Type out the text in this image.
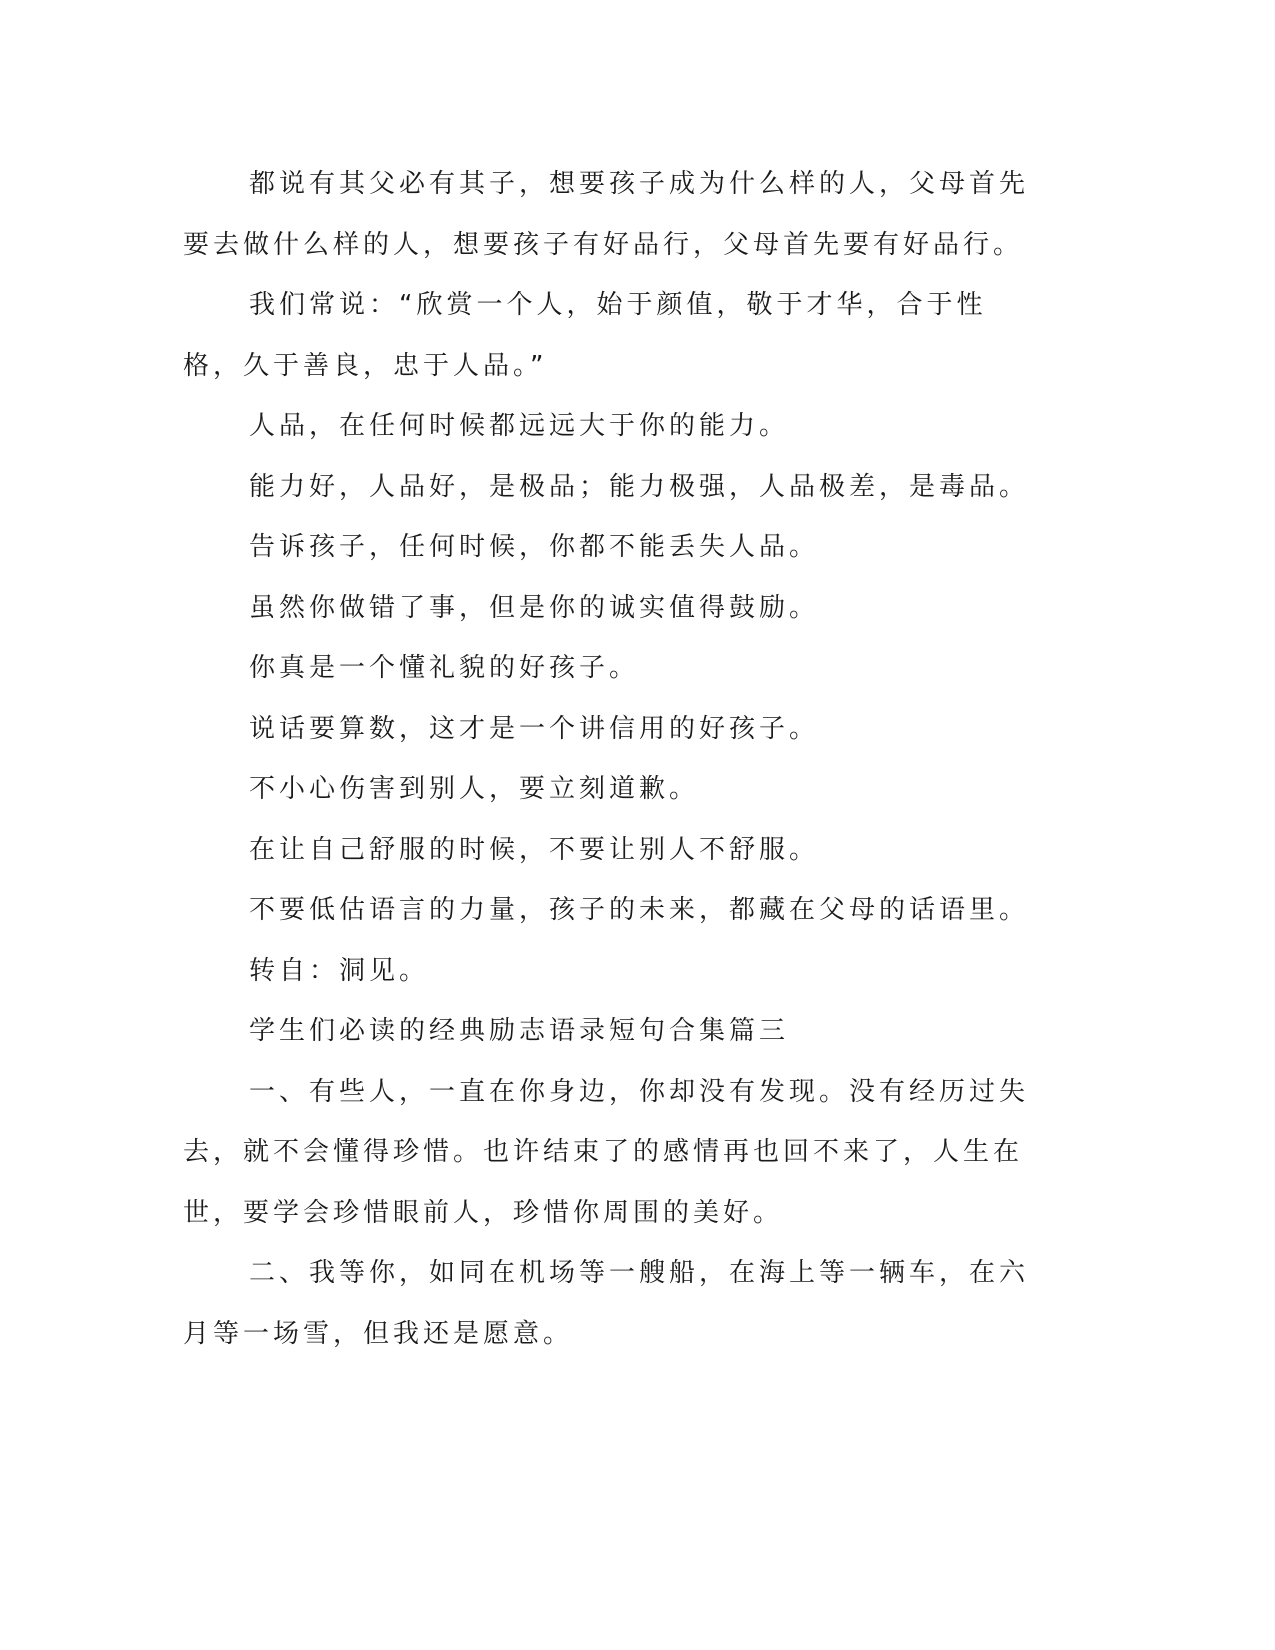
都说有其父必有其子，想要孩子成为什么样的人，父母首先要去做什么样的人，想要孩子有好品行，父母首先要有好品行。

我们常说：“欣赏一个人，始于颜值，敬于才华，合于性格，久于善良，忠于人品。”

人品，在任何时候都远远大于你的能力。

能力好，人品好，是极品；能力极强，人品极差，是毒品。

告诉孩子，任何时候，你都不能丢失人品。

虽然你做错了事，但是你的诚实值得鼓励。

你真是一个懂礼貌的好孩子。

说话要算数，这才是一个讲信用的好孩子。

不小心伤害到别人，要立刻道歉。

在让自己舒服的时候，不要让别人不舒服。

不要低估语言的力量，孩子的未来，都藏在父母的话语里。

转自：洞见。

学生们必读的经典励志语录短句合集篇三

一、有些人，一直在你身边，你却没有发现。没有经历过失去，就不会懂得珍惜。也许结束了的感情再也回不来了，人生在世，要学会珍惜眼前人，珍惜你周围的美好。

二、我等你，如同在机场等一艘船，在海上等一辆车，在六月等一场雪，但我还是愿意。
